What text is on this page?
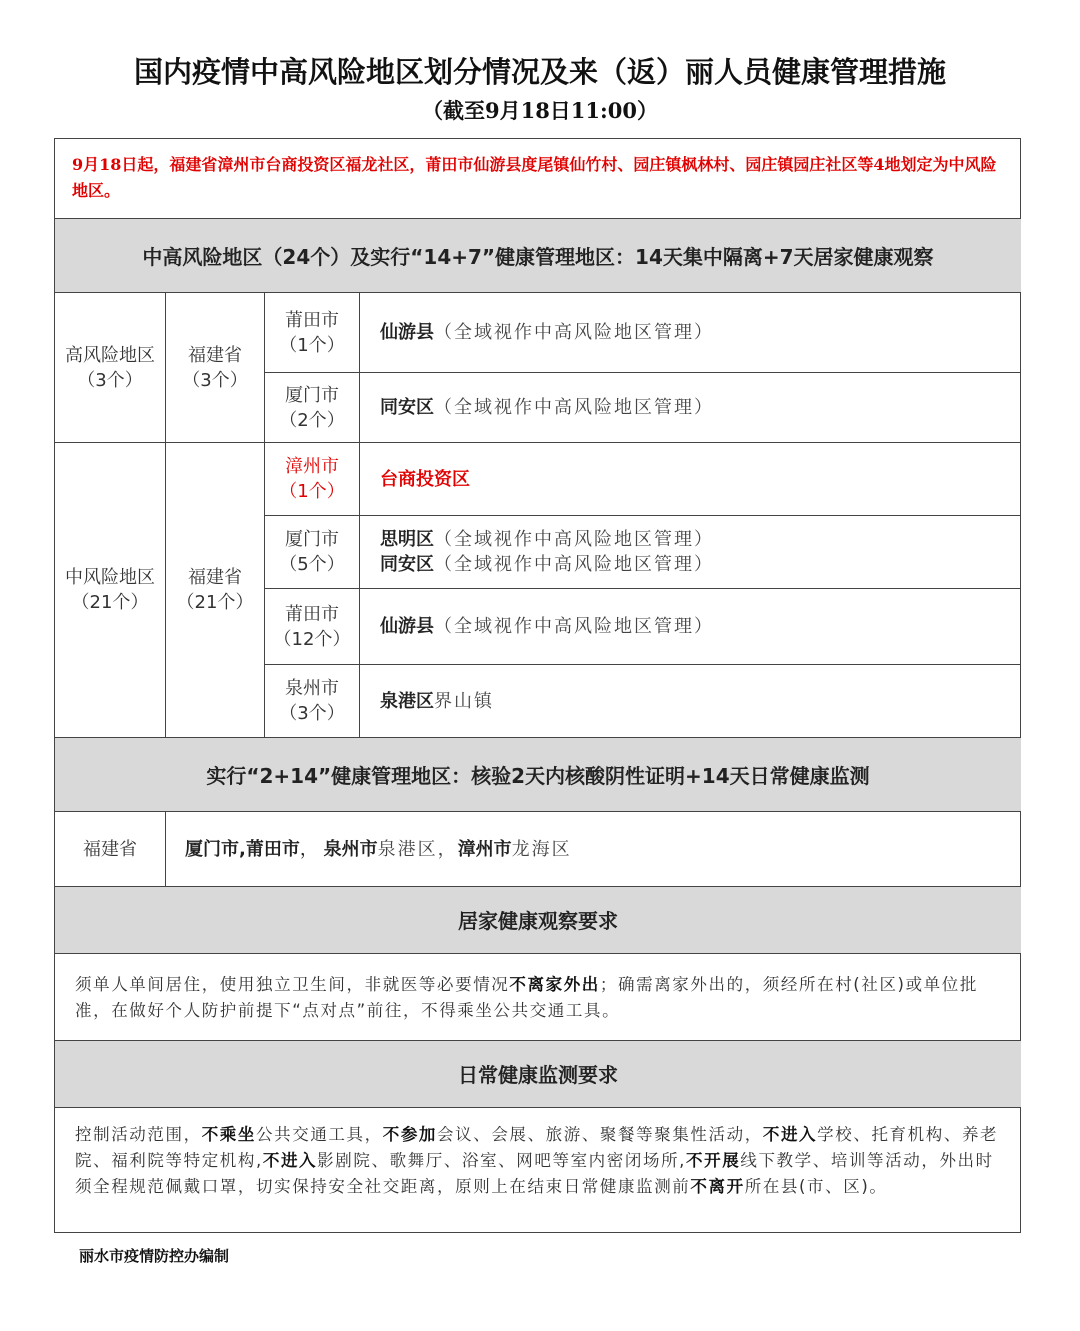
国内疫情中高风险地区划分情况及来（返）丽人员健康管理措施
（截至9月18日11:00）
9月18日起，福建省漳州市台商投资区福龙社区，莆田市仙游县度尾镇仙竹村、园庄镇枫林村、园庄镇园庄社区等4地划定为中风险地区。
中高风险地区（24个）及实行“14+7”健康管理地区：14天集中隔离+7天居家健康观察
高风险地区
（3个）
福建省
（3个）
莆田市
（1个）
仙游县（全域视作中高风险地区管理）
厦门市
（2个）
同安区（全域视作中高风险地区管理）
中风险地区
（21个）
福建省
（21个）
漳州市
（1个）
台商投资区
厦门市
（5个）
思明区（全域视作中高风险地区管理）
同安区（全域视作中高风险地区管理）
莆田市
（12个）
仙游县（全域视作中高风险地区管理）
泉州市
（3个）
泉港区界山镇
实行“2+14”健康管理地区：核验2天内核酸阴性证明+14天日常健康监测
福建省	厦门市,莆田市， 泉州市泉港区，漳州市龙海区
居家健康观察要求
须单人单间居住，使用独立卫生间，非就医等必要情况不离家外出；确需离家外出的，须经所在村(社区)或单位批准，在做好个人防护前提下“点对点”前往，不得乘坐公共交通工具。
日常健康监测要求
控制活动范围，不乘坐公共交通工具，不参加会议、会展、旅游、聚餐等聚集性活动，不进入学校、托育机构、养老院、福利院等特定机构,不进入影剧院、歌舞厅、浴室、网吧等室内密闭场所,不开展线下教学、培训等活动，外出时须全程规范佩戴口罩，切实保持安全社交距离，原则上在结束日常健康监测前不离开所在县(市、区)。
丽水市疫情防控办编制
